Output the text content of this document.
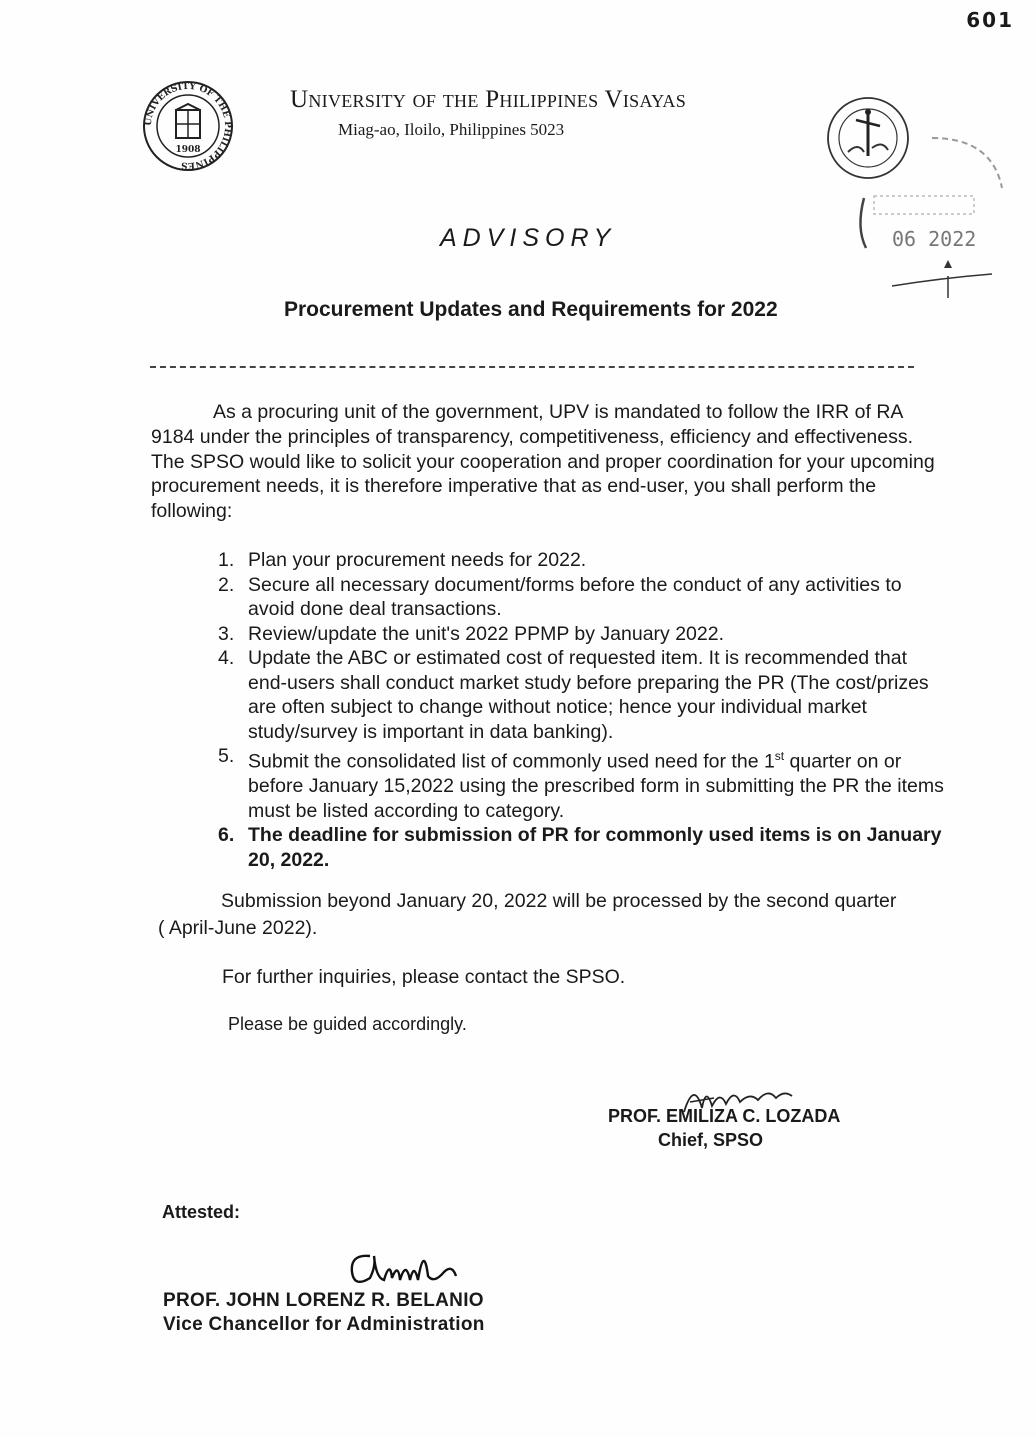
601
UNIVERSITY OF THE PHILIPPINES
1908
University of the Philippines Visayas
Miag-ao, Iloilo, Philippines 5023
06 2022
ADVISORY
Procurement Updates and Requirements for 2022
As a procuring unit of the government, UPV is mandated to follow the IRR of RA 9184 under the principles of transparency, competitiveness, efficiency and effectiveness. The SPSO would like to solicit your cooperation and proper coordination for your upcoming procurement needs, it is therefore imperative that as end-user, you shall perform the following:
1. Plan your procurement needs for 2022.
2. Secure all necessary document/forms before the conduct of any activities to avoid done deal transactions.
3. Review/update the unit's 2022 PPMP by January 2022.
4. Update the ABC or estimated cost of requested item. It is recommended that end-users shall conduct market study before preparing the PR (The cost/prizes are often subject to change without notice; hence your individual market study/survey is important in data banking).
5. Submit the consolidated list of commonly used need for the 1st quarter on or before January 15,2022 using the prescribed form in submitting the PR the items must be listed according to category.
6. The deadline for submission of PR for commonly used items is on January 20, 2022.
Submission beyond January 20, 2022 will be processed by the second quarter ( April-June 2022).
For further inquiries, please contact the SPSO.
Please be guided accordingly.
PROF. EMILIZA C. LOZADA
Chief, SPSO
Attested:
PROF. JOHN LORENZ R. BELANIO
Vice Chancellor for Administration
